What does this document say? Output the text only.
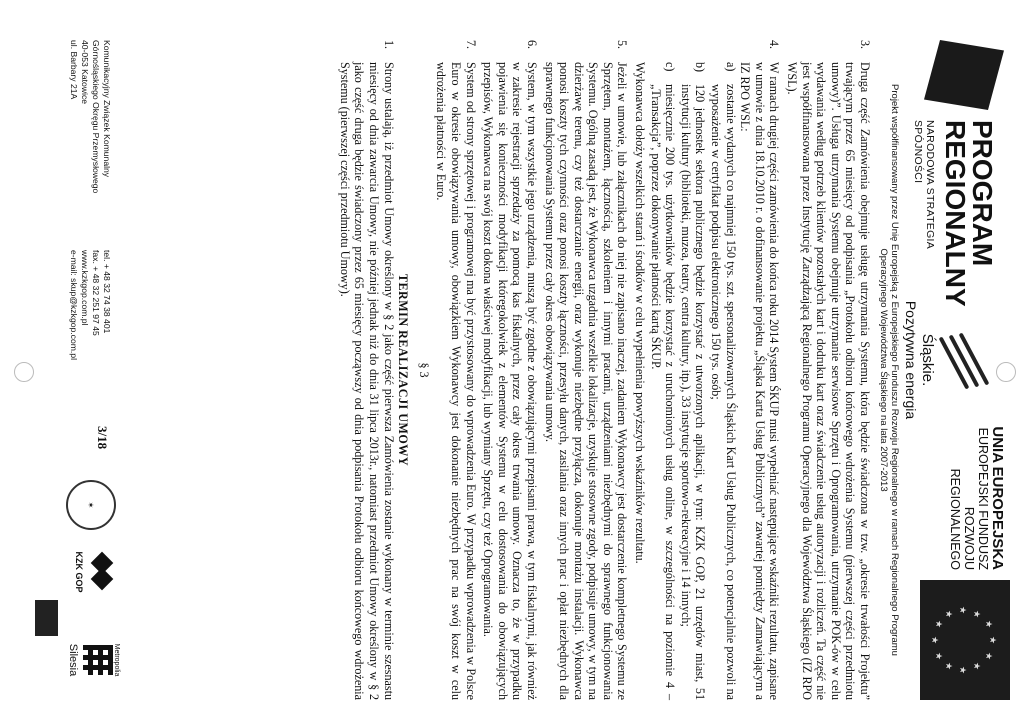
PROGRAM
REGIONALNY
NARODOWA STRATEGIA SPÓJNOŚCI
Śląskie.
Pozytywna energia
UNIA EUROPEJSKA
EUROPEJSKI FUNDUSZ
ROZWOJU REGIONALNEGO
★
★
★
★
★
★
★
★
★ ★ ★
★
Projekt współfinansowany przez Unię Europejską z Europejskiego Funduszu Rozwoju Regionalnego w ramach Regionalnego Programu
Operacyjnego Województwa Śląskiego na lata 2007-2013
3.
Druga część Zamówienia obejmuje usługę utrzymania Systemu, która będzie świadczona w tzw. „okresie trwałości Projektu” trwającym przez 65 miesięcy od podpisania „Protokołu odbioru końcowego wdrożenia Systemu (pierwszej części przedmiotu umowy)”. Usługa utrzymania Systemu obejmuje utrzymanie serwisowe Sprzętu i Oprogramowania, utrzymanie POK-ów w celu wydawania według potrzeb klientów pozostałych kart i dodruku kart oraz świadczenie usług autoryzacji i rozliczeń. Ta część nie jest współfinansowana przez Instytucję Zarządzającą Regionalnego Programu Operacyjnego dla Województwa Śląskiego (IZ RPO WSL).
4.
W ramach drugiej części zamówienia do końca roku 2014 System ŚKUP musi wypełniać następujące wskaźniki rezultatu, zapisane w umowie z dnia 18.10.2010 r. o dofinansowanie projektu „Śląska Karta Usług Publicznych” zawartej pomiędzy Zamawiającym a IZ RPO WSL:
a)
zostanie wydanych co najmniej 150 tys. szt. spersonalizowanych Śląskich Kart Usług Publicznych, co potencjalnie pozwoli na wyposażenie w certyfikat podpisu elektronicznego 150 tys. osób;
b)
120 jednostek sektora publicznego będzie korzystać z utworzonych aplikacji, w tym: KZK GOP, 21 urzędów miast, 51 instytucji kultury (biblioteki, muzea, teatry, centra kultury, itp.), 33 instytucje sportowo-rekreacyjne i 14 innych;
c)
miesięcznie 200 tys. użytkowników będzie korzystać z uruchomionych usług online, w szczególności na poziomie 4 – „Transakcja”, poprzez dokonywanie płatności kartą ŚKUP.
Wykonawca dołoży wszelkich starań i środków w celu wypełnienia powyższych wskaźników rezultatu.
5.
Jeżeli w umowie, lub załącznikach do niej nie zapisano inaczej, zadaniem Wykonawcy jest dostarczenie kompletnego Systemu ze Sprzętem, montażem, łącznością, szkoleniem i innymi pracami, urządzeniami niezbędnymi do sprawnego funkcjonowania Systemu. Ogólną zasadą jest, że Wykonawca uzgadnia wszelkie lokalizacje, uzyskuje stosowne zgody, podpisuje umowy, w tym na dzierżawę terenu, czy też dostarczanie energii, oraz wykonuje niezbędne przyłącza, dokonuje montażu instalacji. Wykonawca ponosi koszty tych czynności oraz ponosi koszty łączności, przesyłu danych, zasilania oraz innych prac i opłat niezbędnych dla sprawnego funkcjonowania Systemu przez cały okres obowiązywania umowy.
6.
System, w tym wszystkie jego urządzenia, muszą być zgodne z obowiązującymi przepisami prawa, w tym fiskalnymi, jak również w zakresie rejestracji sprzedaży za pomocą kas fiskalnych, przez cały okres trwania umowy. Oznacza to, że w przypadku pojawienia się konieczności modyfikacji któregokolwiek z elementów Systemu w celu dostosowania do obowiązujących przepisów, Wykonawca na swój koszt dokona właściwej modyfikacji, lub wymiany Sprzętu, czy też Oprogramowania.
7.
System od strony sprzętowej i programowej ma być przystosowany do wprowadzenia Euro. W przypadku wprowadzenia w Polsce Euro w okresie obowiązywania umowy, obowiązkiem Wykonawcy jest dokonanie niezbędnych prac na swój koszt w celu wdrożenia płatności w Euro.
§ 3
TERMIN REALIZACJI UMOWY
1.
Strony ustalają, iż przedmiot Umowy określony w § 2 jako część pierwsza Zamówienia zostanie wykonany w terminie szesnastu miesięcy od dnia zawarcia Umowy, nie później jednak niż do dnia 31 lipca 2013r., natomiast przedmiot Umowy określony w § 2 jako część druga będzie świadczony przez 65 miesięcy począwszy od dnia podpisania Protokołu odbioru końcowego wdrożenia Systemu (pierwszej części przedmiotu Umowy).
Komunikacyjny Związek Komunalny
Górnośląskiego Okręgu Przemysłowego
40-053 Katowice
ul. Barbary 21A
tel. + 48 32 74 38 401
fax. + 48 32 251 97 45
www.kzkgop.com.pl
e-mail: skup@kzkgop.com.pl
3/18
✶
KZK GOP
Metropolia
Silesia
